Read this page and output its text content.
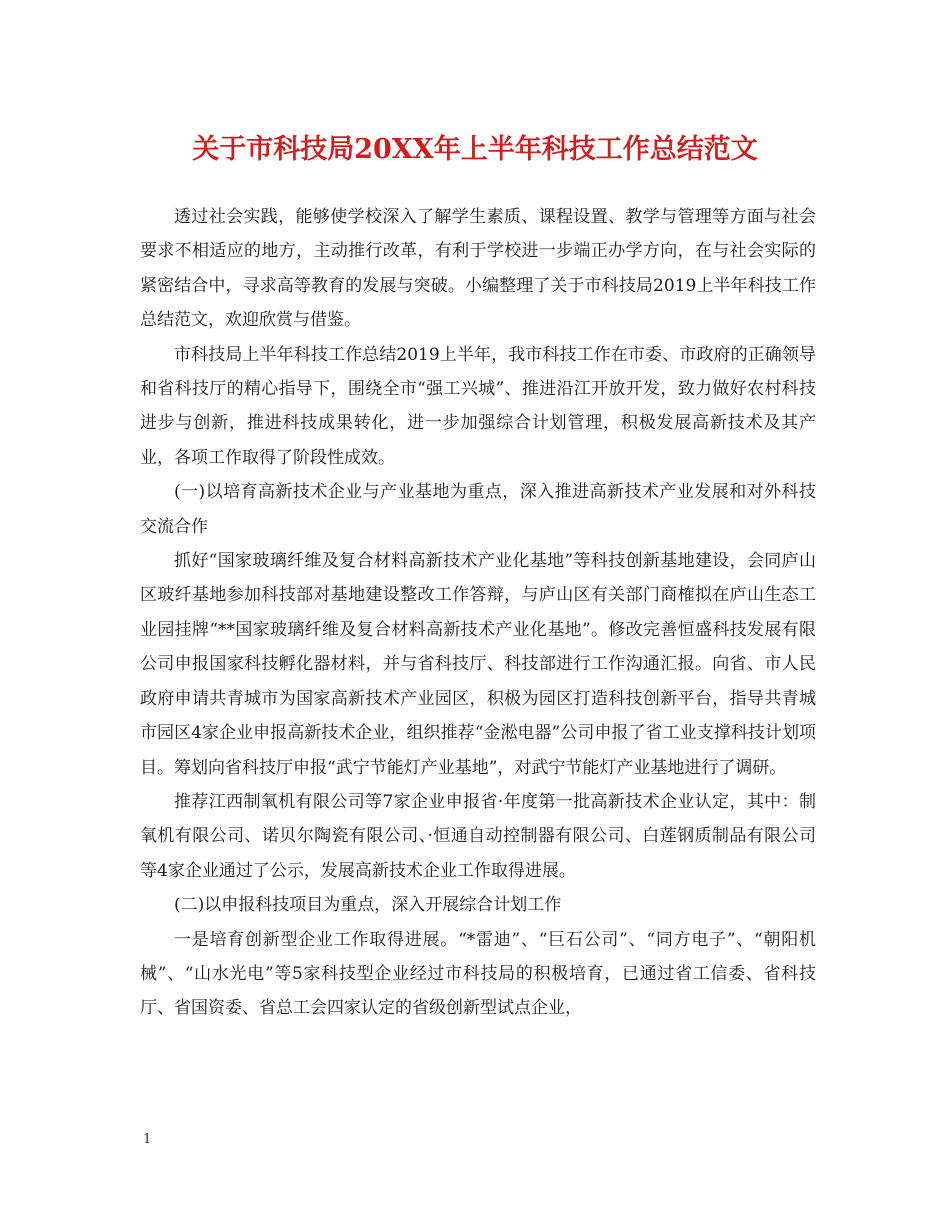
关于市科技局20XX年上半年科技工作总结范文

透过社会实践，能够使学校深入了解学生素质、课程设置、教学与管理等方面与社会要求不相适应的地方，主动推行改革，有利于学校进一步端正办学方向，在与社会实际的紧密结合中，寻求高等教育的发展与突破。小编整理了关于市科技局2019上半年科技工作总结范文，欢迎欣赏与借鉴。

市科技局上半年科技工作总结2019上半年，我市科技工作在市委、市政府的正确领导和省科技厅的精心指导下，围绕全市“强工兴城”、推进沿江开放开发，致力做好农村科技进步与创新，推进科技成果转化，进一步加强综合计划管理，积极发展高新技术及其产业，各项工作取得了阶段性成效。

(一)以培育高新技术企业与产业基地为重点，深入推进高新技术产业发展和对外科技交流合作

抓好“国家玻璃纤维及复合材料高新技术产业化基地”等科技创新基地建设，会同庐山区玻纤基地参加科技部对基地建设整改工作答辩，与庐山区有关部门商榷拟在庐山生态工业园挂牌“**国家玻璃纤维及复合材料高新技术产业化基地”。修改完善恒盛科技发展有限公司申报国家科技孵化器材料，并与省科技厅、科技部进行工作沟通汇报。向省、市人民政府申请共青城市为国家高新技术产业园区，积极为园区打造科技创新平台，指导共青城市园区4家企业申报高新技术企业，组织推荐“金淞电器”公司申报了省工业支撑科技计划项目。筹划向省科技厅申报“武宁节能灯产业基地”，对武宁节能灯产业基地进行了调研。

推荐江西制氧机有限公司等7家企业申报省·年度第一批高新技术企业认定，其中：制氧机有限公司、诺贝尔陶瓷有限公司、·恒通自动控制器有限公司、白莲钢质制品有限公司等4家企业通过了公示，发展高新技术企业工作取得进展。

(二)以申报科技项目为重点，深入开展综合计划工作

一是培育创新型企业工作取得进展。“*雷迪”、“巨石公司”、“同方电子”、“朝阳机械”、“山水光电”等5家科技型企业经过市科技局的积极培育，已通过省工信委、省科技厅、省国资委、省总工会四家认定的省级创新型试点企业，

1
